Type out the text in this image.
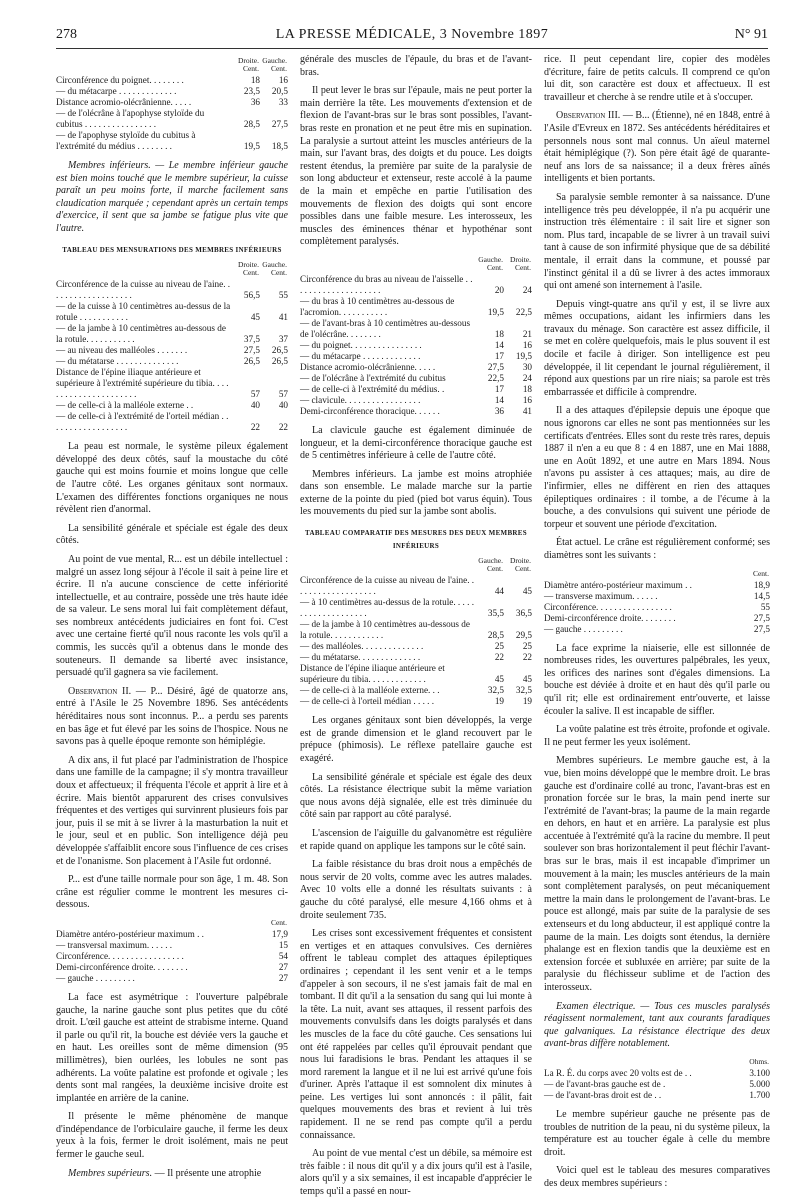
278	LA PRESSE MÉDICALE, 3 Novembre 1897	N° 91
	Droite. Cent.	Gauche. Cent.
Circonférence du poignet. . . . . . . .	18	16
— du métacarpe . . . . . . . . . . . . .	23,5	20,5
Distance acromio-olécrânienne. . . . .	36	33
— de l'olécrâne à l'apophyse styloïde du cubitus . . . . . . . . . . . . . . . .	28,5	27,5
— de l'apophyse styloïde du cubitus à l'extrémité du médius . . . . . . . .	19,5	18,5

Membres inférieurs. — Le membre inférieur gauche est bien moins touché que le membre supérieur, la cuisse paraît un peu moins forte, il marche facilement sans claudication marquée ; cependant après un certain temps d'exercice, il sent que sa jambe se fatigue plus vite que l'autre.

TABLEAU DES MENSURATIONS DES MEMBRES INFÉRIEURS
	Droite. Cent.	Gauche. Cent.
Circonférence de la cuisse au niveau de l'aine. . . . . . . . . . . . . . . . . . .	56,5	55
— de la cuisse à 10 centimètres au-dessus de la rotule . . . . . . . . . . .	45	41
— de la jambe à 10 centimètres au-dessous de la rotule. . . . . . . . . . .	37,5	37
— au niveau des malléoles . . . . . . .	27,5	26,5
— du métatarse . . . . . . . . . . . . . .	26,5	26,5
Distance de l'épine iliaque antérieure et supérieure à l'extrémité supérieure du tibia. . . . . . . . . . . . . . . . . . . . . .	57	57
— de celle-ci à la malléole externe . .	40	40
— de celle-ci à l'extrémité de l'orteil médian . . . . . . . . . . . . . . . . . .	22	22

La peau est normale, le système pileux également développé des deux côtés, sauf la moustache du côté gauche qui est moins fournie et moins longue que celle de l'autre côté. Les organes génitaux sont normaux. L'examen des différentes fonctions organiques ne nous révèlent rien d'anormal.

La sensibilité générale et spéciale est égale des deux côtés.

Au point de vue mental, R... est un débile intellectuel : malgré un assez long séjour à l'école il sait à peine lire et écrire. Il n'a aucune conscience de cette infériorité intellectuelle, et au contraire, possède une très haute idée de sa valeur. Le sens moral lui fait complètement défaut, ses nombreux antécédents judiciaires en font foi. C'est avec une certaine fierté qu'il nous raconte les vols qu'il a commis, les succès qu'il a obtenus dans le monde des souteneurs. Il demande sa liberté avec insistance, persuadé qu'il gagnera sa vie facilement.

Observation II. — P... Désiré, âgé de quatorze ans, entré à l'Asile le 25 Novembre 1896. Ses antécédents héréditaires nous sont inconnus. P... a perdu ses parents en bas âge et fut élevé par les soins de l'hospice. Nous ne savons pas à quelle époque remonte son hémiplégie.

A dix ans, il fut placé par l'administration de l'hospice dans une famille de la campagne; il s'y montra travailleur doux et affectueux; il fréquenta l'école et apprit à lire et à écrire. Mais bientôt apparurent des crises convulsives fréquentes et des vertiges qui survinrent plusieurs fois par jour, puis il se mit à se livrer à la masturbation la nuit et le jour, seul et en public. Son intelligence déjà peu développée s'affaiblit encore sous l'influence de ces crises et de l'onanisme. Son placement à l'Asile fut ordonné.

P... est d'une taille normale pour son âge, 1 m. 48. Son crâne est régulier comme le montrent les mesures ci-dessous.

	Cent.
Diamètre antéro-postérieur maximum . .	17,9
— transversal maximum. . . . . .	15
Circonférence. . . . . . . . . . . . . . . . .	54
Demi-circonférence droite. . . . . . . .	27
— gauche . . . . . . . . .	27

La face est asymétrique : l'ouverture palpébrale gauche, la narine gauche sont plus petites que du côté droit. L'œil gauche est atteint de strabisme interne. Quand il parle ou qu'il rit, la bouche est déviée vers la gauche et en haut. Les oreilles sont de même dimension (95 millimètres), bien ourlées, les lobules ne sont pas adhérents. La voûte palatine est profonde et ogivale ; les dents sont mal rangées, la deuxième incisive droite est implantée en arrière de la canine.

Il présente le même phénomène de manque d'indépendance de l'orbiculaire gauche, il ferme les deux yeux à la fois, fermer le droit isolément, mais ne peut fermer le gauche seul.

Membres supérieurs. — Il présente une atrophie

générale des muscles de l'épaule, du bras et de l'avant-bras.

Il peut lever le bras sur l'épaule, mais ne peut porter la main derrière la tête. Les mouvements d'extension et de flexion de l'avant-bras sur le bras sont possibles, l'avant-bras reste en pronation et ne peut être mis en supination. La paralysie a surtout atteint les muscles antérieurs de la main, sur l'avant bras, des doigts et du pouce. Les doigts restent étendus, la première par suite de la paralysie de son long abducteur et extenseur, reste accolé à la paume de la main et empêche en partie l'utilisation des mouvements de flexion des doigts qui sont encore possibles dans une faible mesure. Les interosseux, les muscles des éminences thénar et hypothénar sont complètement paralysés.

	Gauche. Cent.	Droite. Cent.
Circonférence du bras au niveau de l'aisselle . . . . . . . . . . . . . . . . . . . .	20	24
— du bras à 10 centimètres au-dessous de l'acromion. . . . . . . . . . .	19,5	22,5
— de l'avant-bras à 10 centimètres au-dessous de l'olécrâne. . . . . . . .	18	21
— du poignet. . . . . . . . . . . . . . . .	14	16
— du métacarpe . . . . . . . . . . . . .	17	19,5
Distance acromio-olécrânienne. . . . .	27,5	30
— de l'olécrâne à l'extrémité du cubitus	22,5	24
— de celle-ci à l'extrémité du médius. .	17	18
— clavicule. . . . . . . . . . . . . . . . .	14	16
Demi-circonférence thoracique. . . . . .	36	41

La clavicule gauche est également diminuée de longueur, et la demi-circonférence thoracique gauche est de 5 centimètres inférieure à celle de l'autre côté.

Membres inférieurs. La jambe est moins atrophiée dans son ensemble. Le malade marche sur la partie externe de la pointe du pied (pied bot varus équin). Tous les mouvements du pied sur la jambe sont abolis.

TABLEAU COMPARATIF DES MESURES DES DEUX MEMBRES INFÉRIEURS
	Gauche. Cent.	Droite. Cent.
Circonférence de la cuisse au niveau de l'aine. . . . . . . . . . . . . . . . . . .	44	45
— à 10 centimètres au-dessus de la rotule. . . . . . . . . . . . . . . . . . . .	35,5	36,5
— de la jambe à 10 centimètres au-dessous de la rotule. . . . . . . . . . . .	28,5	29,5
— des malléoles. . . . . . . . . . . . . .	25	25
— du métatarse. . . . . . . . . . . . . .	22	22
Distance de l'épine iliaque antérieure et supérieure du tibia. . . . . . . . . . . . .	45	45
— de celle-ci à la malléole externe. . .	32,5	32,5
— de celle-ci à l'orteil médian . . . . .	19	19

Les organes génitaux sont bien développés, la verge est de grande dimension et le gland recouvert par le prépuce (phimosis). Le réflexe patellaire gauche est exagéré.

La sensibilité générale et spéciale est égale des deux côtés. La résistance électrique subit la même variation que nous avons déjà signalée, elle est très diminuée du côté sain par rapport au côté paralysé.

L'ascension de l'aiguille du galvanomètre est régulière et rapide quand on applique les tampons sur le côté sain.

La faible résistance du bras droit nous a empêchés de nous servir de 20 volts, comme avec les autres malades. Avec 10 volts elle a donné les résultats suivants : à gauche du côté paralysé, elle mesure 4,166 ohms et à droite seulement 735.

Les crises sont excessivement fréquentes et consistent en vertiges et en attaques convulsives. Ces dernières offrent le tableau complet des attaques épileptiques ordinaires ; cependant il les sent venir et a le temps d'appeler à son secours, il ne s'est jamais fait de mal en tombant. Il dit qu'il a la sensation du sang qui lui monte à la tête. La nuit, avant ses attaques, il ressent parfois des mouvements convulsifs dans les doigts paralysés et dans les muscles de la face du côté gauche. Ces sensations lui ont été rappelées par celles qu'il éprouvait pendant que nous lui faradisions le bras. Pendant les attaques il se mord rarement la langue et il ne lui est arrivé qu'une fois d'uriner. Après l'attaque il est somnolent dix minutes à peine. Les vertiges lui sont annoncés : il pâlit, fait quelques mouvements des bras et revient à lui très rapidement. Il ne se rend pas compte qu'il a perdu connaissance.

Au point de vue mental c'est un débile, sa mémoire est très faible : il nous dit qu'il y a dix jours qu'il est à l'asile, alors qu'il y a six semaines, il est incapable d'apprécier le temps qu'il a passé en nour-

rice. Il peut cependant lire, copier des modèles d'écriture, faire de petits calculs. Il comprend ce qu'on lui dit, son caractère est doux et affectueux. Il est travailleur et cherche à se rendre utile et à s'occuper.

Observation III. — B... (Étienne), né en 1848, entré à l'Asile d'Evreux en 1872. Ses antécédents héréditaires et personnels nous sont mal connus. Un aïeul maternel était hémiplégique (?). Son père était âgé de quarante-neuf ans lors de sa naissance; il a deux frères aînés intelligents et bien portants.

Sa paralysie semble remonter à sa naissance. D'une intelligence très peu développée, il n'a pu acquérir une instruction très élémentaire : il sait lire et signer son nom. Plus tard, incapable de se livrer à un travail suivi tant à cause de son infirmité physique que de sa débilité mentale, il errait dans la commune, et poussé par l'instinct génital il a dû se livrer à des actes immoraux qui ont amené son internement à l'asile.

Depuis vingt-quatre ans qu'il y est, il se livre aux mêmes occupations, aidant les infirmiers dans les travaux du ménage. Son caractère est assez difficile, il se met en colère quelquefois, mais le plus souvent il est docile et facile à diriger. Son intelligence est peu développée, il lit cependant le journal régulièrement, il répond aux questions par un rire niais; sa parole est très embarrassée et difficile à comprendre.

Il a des attaques d'épilepsie depuis une époque que nous ignorons car elles ne sont pas mentionnées sur les certificats d'entrées. Elles sont du reste très rares, depuis 1887 il n'en a eu que 8 : 4 en 1887, une en Mai 1888, une en Août 1892, et une autre en Mars 1894. Nous n'avons pu assister à ces attaques; mais, au dire de l'infirmier, elles ne diffèrent en rien des attaques épileptiques ordinaires : il tombe, a de l'écume à la bouche, a des convulsions qui suivent une période de torpeur et souvent une période d'excitation.

État actuel. Le crâne est régulièrement conformé; ses diamètres sont les suivants :

	Cent.
Diamètre antéro-postérieur maximum . .	18,9
— transverse maximum. . . . . .	14,5
Circonférence. . . . . . . . . . . . . . . . .	55
Demi-circonférence droite. . . . . . . .	27,5
— gauche . . . . . . . . .	27,5

La face exprime la niaiserie, elle est sillonnée de nombreuses rides, les ouvertures palpébrales, les yeux, les orifices des narines sont d'égales dimensions. La bouche est déviée à droite et en haut dès qu'il parle ou qu'il rit; elle est ordinairement entr'ouverte, et laisse écouler la salive. Il est incapable de siffler.

La voûte palatine est très étroite, profonde et ogivale. Il ne peut fermer les yeux isolément.

Membres supérieurs. Le membre gauche est, à la vue, bien moins développé que le membre droit. Le bras gauche est d'ordinaire collé au tronc, l'avant-bras est en pronation forcée sur le bras, la main pend inerte sur l'extrémité de l'avant-bras; la paume de la main regarde en dehors, en haut et en arrière. La paralysie est plus accentuée à l'extrémité qu'à la racine du membre. Il peut soulever son bras horizontalement il peut fléchir l'avant-bras sur le bras, mais il est incapable d'imprimer un mouvement à la main; les muscles antérieurs de la main sont complètement paralysés, on peut mécaniquement mettre la main dans le prolongement de l'avant-bras. Le pouce est allongé, mais par suite de la paralysie de ses extenseurs et du long abducteur, il est appliqué contre la paume de la main. Les doigts sont étendus, la dernière phalange est en flexion tandis que la deuxième est en extension forcée et subluxée en arrière; par suite de la paralysie du fléchisseur sublime et de l'action des interosseux.

Examen électrique. — Tous ces muscles paralysés réagissent normalement, tant aux courants faradiques que galvaniques. La résistance électrique des deux avant-bras diffère notablement.

	Ohms.
La R. É. du corps avec 20 volts est de . .	3.100
— de l'avant-bras gauche est de .	5.000
— de l'avant-bras droit est de . .	1.700

Le membre supérieur gauche ne présente pas de troubles de nutrition de la peau, ni du système pileux, la température est au toucher égale à celle du membre droit.

Voici quel est le tableau des mesures comparatives des deux membres supérieurs :
